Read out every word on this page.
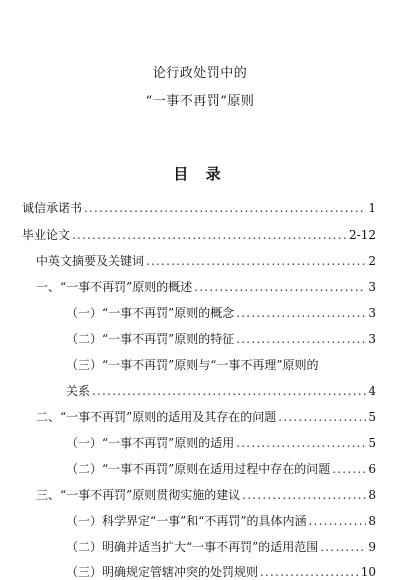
论行政处罚中的
“一事不再罚”原则
目 录
诚信承诺书 .....	1
毕业论文 .....	2-12
中英文摘要及关键词 .....	2
一、“一事不再罚”原则的概述 .....	3
（一）“一事不再罚”原则的概念 .....	3
（二）“一事不再罚”原则的特征 .....	3
（三）“一事不再罚”原则与“一事不再理”原则的
关系 .....	4
二、“一事不再罚”原则的适用及其存在的问题 .....	5
（一）“一事不再罚”原则的适用 .....	5
（二）“一事不再罚”原则在适用过程中存在的问题 .....	6
三、“一事不再罚”原则贯彻实施的建议 .....	8
（一）科学界定“一事”和“不再罚”的具体内涵 .....	8
（二）明确并适当扩大“一事不再罚”的适用范围 .....	9
（三）明确规定管辖冲突的处罚规则 .....	10
